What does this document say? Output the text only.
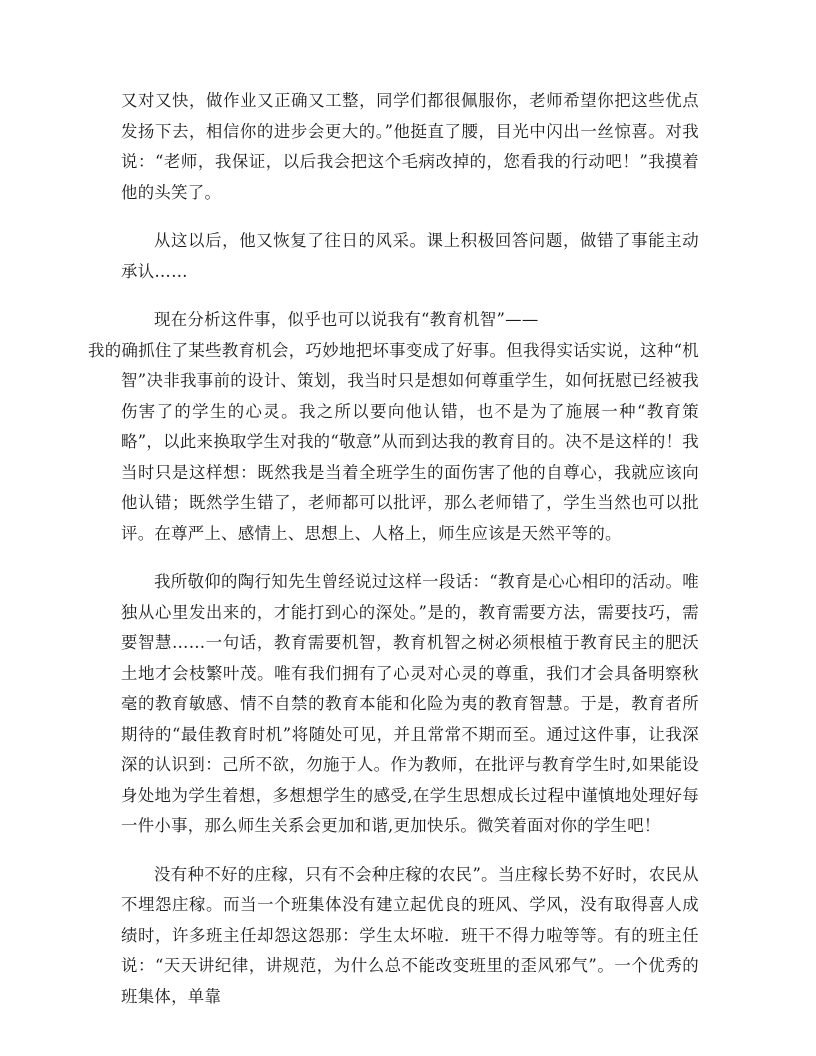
又对又快，做作业又正确又工整，同学们都很佩服你，老师希望你把这些优点发扬下去，相信你的进步会更大的。”他挺直了腰，目光中闪出一丝惊喜。对我说：“老师，我保证，以后我会把这个毛病改掉的，您看我的行动吧！”我摸着他的头笑了。

从这以后，他又恢复了往日的风采。课上积极回答问题，做错了事能主动承认……

现在分析这件事，似乎也可以说我有“教育机智”——
我的确抓住了某些教育机会，巧妙地把坏事变成了好事。但我得实话实说，这种“机智”决非我事前的设计、策划，我当时只是想如何尊重学生，如何抚慰已经被我伤害了的学生的心灵。我之所以要向他认错，也不是为了施展一种“教育策略”，以此来换取学生对我的“敬意”从而到达我的教育目的。决不是这样的！我当时只是这样想：既然我是当着全班学生的面伤害了他的自尊心，我就应该向他认错；既然学生错了，老师都可以批评，那么老师错了，学生当然也可以批评。在尊严上、感情上、思想上、人格上，师生应该是天然平等的。

我所敬仰的陶行知先生曾经说过这样一段话：“教育是心心相印的活动。唯独从心里发出来的，才能打到心的深处。”是的，教育需要方法，需要技巧，需要智慧……一句话，教育需要机智，教育机智之树必须根植于教育民主的肥沃土地才会枝繁叶茂。唯有我们拥有了心灵对心灵的尊重，我们才会具备明察秋毫的教育敏感、情不自禁的教育本能和化险为夷的教育智慧。于是，教育者所期待的“最佳教育时机”将随处可见，并且常常不期而至。通过这件事，让我深深的认识到：己所不欲，勿施于人。作为教师，在批评与教育学生时,如果能设身处地为学生着想，多想想学生的感受,在学生思想成长过程中谨慎地处理好每一件小事，那么师生关系会更加和谐,更加快乐。微笑着面对你的学生吧！

没有种不好的庄稼，只有不会种庄稼的农民”。当庄稼长势不好时，农民从不埋怨庄稼。而当一个班集体没有建立起优良的班风、学风，没有取得喜人成绩时，许多班主任却怨这怨那：学生太坏啦．班干不得力啦等等。有的班主任说：“天天讲纪律，讲规范，为什么总不能改变班里的歪风邪气”。一个优秀的班集体，单靠
